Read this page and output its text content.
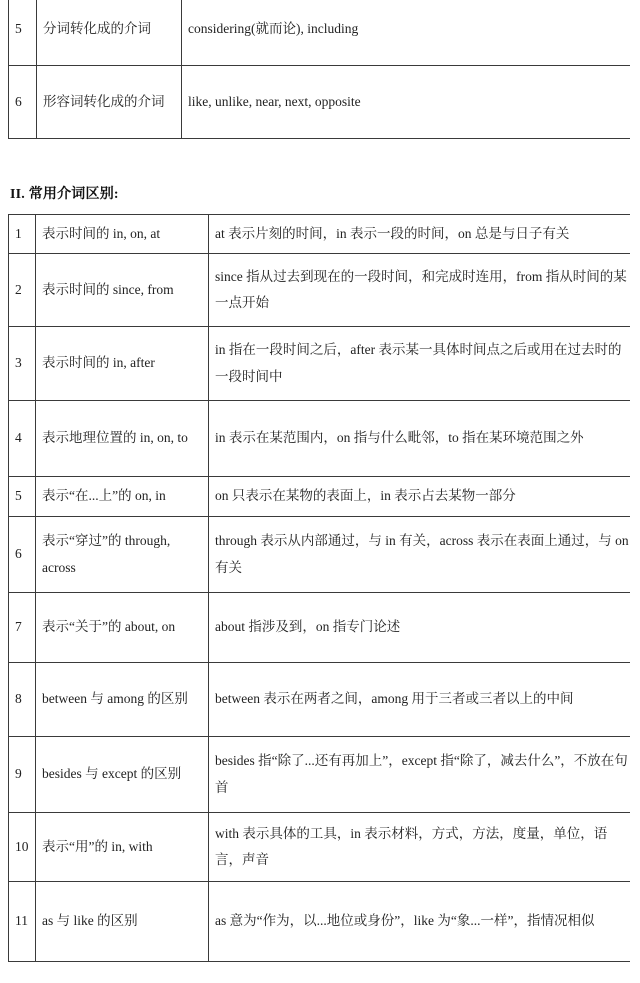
5	分词转化成的介词	considering(就而论), including
6	形容词转化成的介词	like, unlike, near, next, opposite
II. 常用介词区别:
1	表示时间的 in, on, at	at 表示片刻的时间，in 表示一段的时间，on 总是与日子有关
2	表示时间的 since, from	since 指从过去到现在的一段时间，和完成时连用，from 指从时间的某一点开始
3	表示时间的 in, after	in 指在一段时间之后，after 表示某一具体时间点之后或用在过去时的一段时间中
4	表示地理位置的 in, on, to	in 表示在某范围内，on 指与什么毗邻，to 指在某环境范围之外
5	表示“在...上”的 on, in	on 只表示在某物的表面上，in 表示占去某物一部分
6	表示“穿过”的 through, across	through 表示从内部通过，与 in 有关，across 表示在表面上通过，与 on 有关
7	表示“关于”的 about, on	about 指涉及到，on 指专门论述
8	between 与 among 的区别	between 表示在两者之间，among 用于三者或三者以上的中间
9	besides 与 except 的区别	besides 指“除了...还有再加上”，except 指“除了，减去什么”，不放在句首
10	表示“用”的 in, with	with 表示具体的工具，in 表示材料，方式，方法，度量，单位，语言，声音
11	as 与 like 的区别	as 意为“作为，以...地位或身份”，like 为“象...一样”，指情况相似
